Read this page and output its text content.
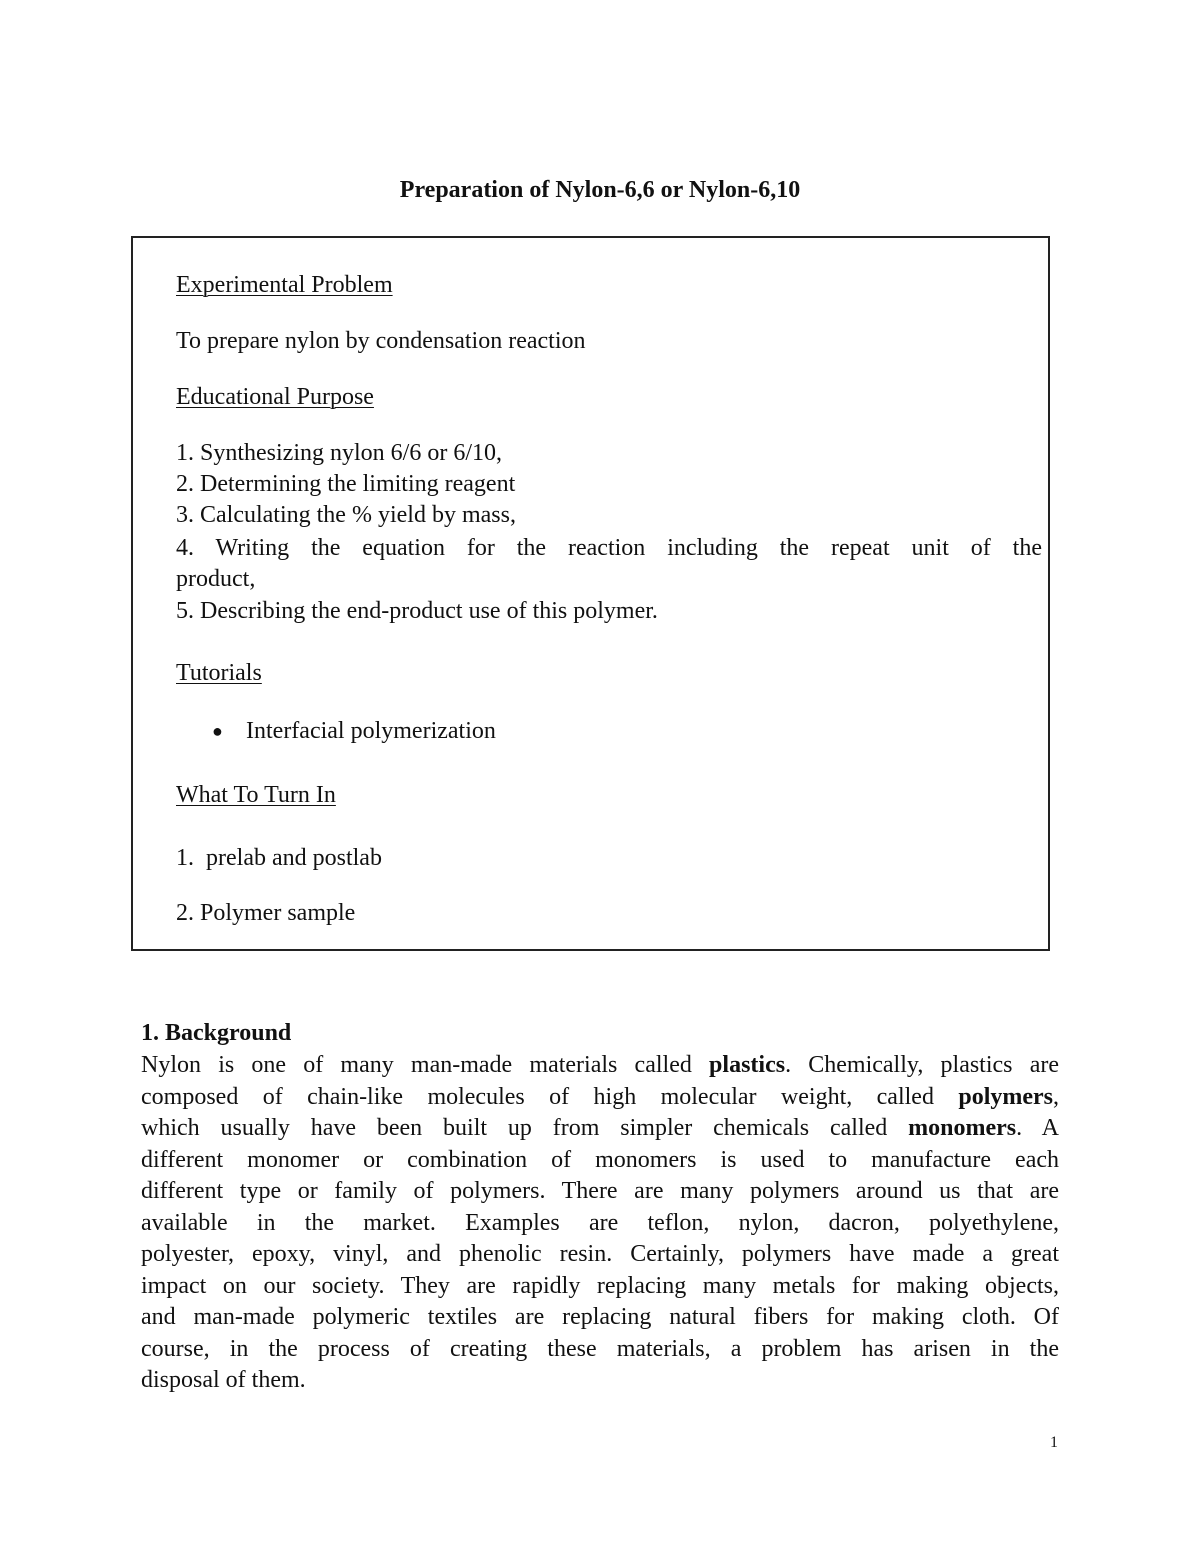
Preparation of Nylon-6,6 or Nylon-6,10

Experimental Problem

To prepare nylon by condensation reaction

Educational Purpose

1. Synthesizing nylon 6/6 or 6/10,

2. Determining the limiting reagent

3. Calculating the % yield by mass,

4. Writing the equation for the reaction including the repeat unit of the

product,

5. Describing the end-product use of this polymer.

Tutorials

● Interfacial polymerization

What To Turn In

1.  prelab and postlab

2. Polymer sample

1. Background

Nylon is one of many man-made materials called plastics. Chemically, plastics are
composed of chain-like molecules of high molecular weight, called polymers,
which usually have been built up from simpler chemicals called monomers. A
different monomer or combination of monomers is used to manufacture each
different type or family of polymers. There are many polymers around us that are
available in the market. Examples are teflon, nylon, dacron, polyethylene,
polyester, epoxy, vinyl, and phenolic resin. Certainly, polymers have made a great
impact on our society. They are rapidly replacing many metals for making objects,
and man-made polymeric textiles are replacing natural fibers for making cloth. Of
course, in the process of creating these materials, a problem has arisen in the
disposal of them.

1
